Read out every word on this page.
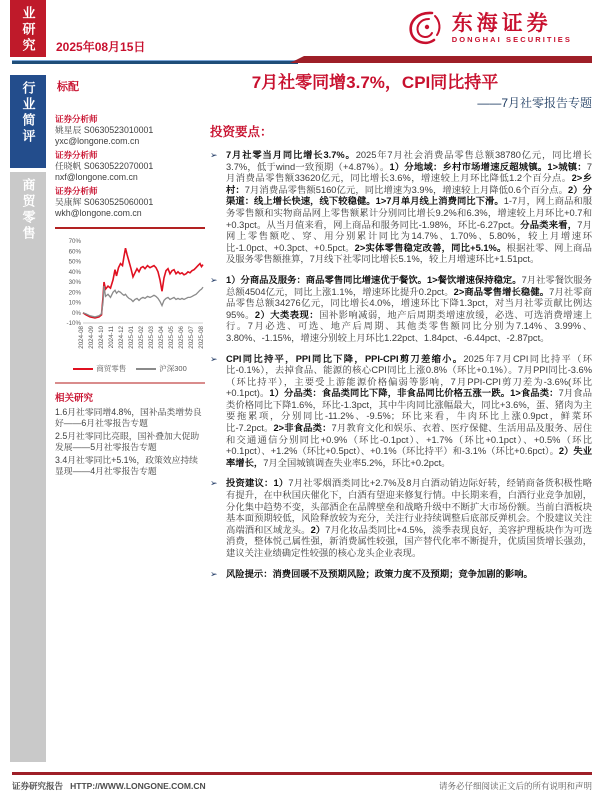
业研究
行业简评
商贸零售
东海证券
DONGHAI SECURITIES
2025年08月15日
标配	7月社零同增3.7%，CPI同比持平
——7月社零报告专题
证券分析师
姚星辰 S0630523010001
yxc@longone.com.cn
证券分析师
任晓帆 S0630522070001
nxf@longone.com.cn
证券分析师
吴康辉 S0630525060001
wkh@longone.com.cn
70%
60%
50%
40%
30%
20%
10%
0%
-10%
2024-08 2024-09 2024-10 2024-11 2024-12 2025-01 2025-02 2025-03 2025-04 2025-05 2025-06 2025-07 2025-08
商贸零售	沪深300
相关研究
1.6月社零同增4.8%，国补品类增势良好——6月社零报告专题
2.5月社零同比亮眼，国补叠加大促助发展——5月社零报告专题
3.4月社零同比+5.1%，政策效应持续显现——4月社零报告专题
投资要点：
➢ 7月社零当月同比增长3.7%。2025年7月社会消费品零售总额38780亿元，同比增长3.7%，低于wind一致预期（+4.87%）。1）分地域：乡村市场增速反超城镇。1>城镇：7月消费品零售额33620亿元，同比增长3.6%，增速较上月环比降低1.2个百分点。2>乡村：7月消费品零售额5160亿元，同比增速为3.9%，增速较上月降低0.6个百分点。2）分渠道：线上增长快速，线下较稳健。1>7月单月线上消费同比下滑。1-7月，网上商品和服务零售额和实物商品网上零售额累计分别同比增长9.2%和6.3%，增速较上月环比+0.7和+0.3pct。从当月值来看，网上商品和服务同比-1.98%，环比-6.27pct。分品类来看，7月网上零售额吃、穿、用分别累计同比为14.7%、1.70%、5.80%，较上月增速环比-1.0pct、+0.3pct、+0.5pct。2>实体零售稳定改善，同比+5.1%。根据社零、网上商品及服务零售额推算，7月线下社零同比增长5.1%，较上月增速环比+1.51pct。
➢ 1）分商品及服务：商品零售同比增速优于餐饮。1>餐饮增速保持稳定。7月社零餐饮服务总额4504亿元，同比上涨1.1%，增速环比提升0.2pct。2>商品零售增长稳健。7月社零商品零售总额34276亿元，同比增长4.0%，增速环比下降1.3pct，对当月社零贡献比例达95%。2）大类表现：国补影响减弱，地产后周期类增速放缓，必选、可选消费增速上行。7月必选、可选、地产后周期、其他类零售额同比分别为7.14%、3.99%、3.80%、-1.15%，增速分别较上月环比1.22pct、1.84pct、-6.44pct、-2.87pct。
➢ CPI同比持平，PPI同比下降，PPI-CPI剪刀差缩小。2025年7月CPI同比持平（环比-0.1%），去掉食品、能源的核心CPI同比上涨0.8%（环比+0.1%）。7月PPI同比-3.6%（环比持平），主要受上游能源价格偏弱等影响，7月PPI-CPI剪刀差为-3.6%(环比+0.1pct)。1）分品类：食品类同比下降，非食品同比价格五涨一跌。1>食品类：7月食品类价格同比下降1.6%，环比-1.3pct，其中牛肉同比涨幅最大，同比+3.6%，蛋、猪肉为主要拖累项，分别同比-11.2%、-9.5%；环比来看，牛肉环比上涨0.9pct，鲜菜环比-7.2pct。2>非食品类：7月教育文化和娱乐、衣着、医疗保健、生活用品及服务、居住和交通通信分别同比+0.9%（环比-0.1pct）、+1.7%（环比+0.1pct）、+0.5%（环比+0.1pct）、+1.2%（环比+0.5pct）、+0.1%（环比持平）和-3.1%（环比+0.6pct）。2）失业率增长，7月全国城镇调查失业率5.2%，环比+0.2pct。
➢ 投资建议：1）7月社零烟酒类同比+2.7%及8月白酒动销边际好转，经销商备货积极性略有提升，在中秋国庆催化下，白酒有望迎来修复行情。中长期来看，白酒行业竞争加剧，分化集中趋势不变，头部酒企在品牌壁垒和战略升级中不断扩大市场份额。当前白酒板块基本面预期较低，风险释放较为充分，关注行业持续调整后底部反弹机会。个股建议关注高端酒和区域龙头。2）7月化妆品类同比+4.5%，淡季表现良好，美容护理板块作为可选消费，整体悦己属性强，新消费属性较强，国产替代化率不断提升，优质国货增长强劲，建议关注业绩确定性较强的核心龙头企业表现。
➢ 风险提示：消费回暖不及预期风险；政策力度不及预期；竞争加剧的影响。
证券研究报告 HTTP://WWW.LONGONE.COM.CN	请务必仔细阅读正文后的所有说明和声明
